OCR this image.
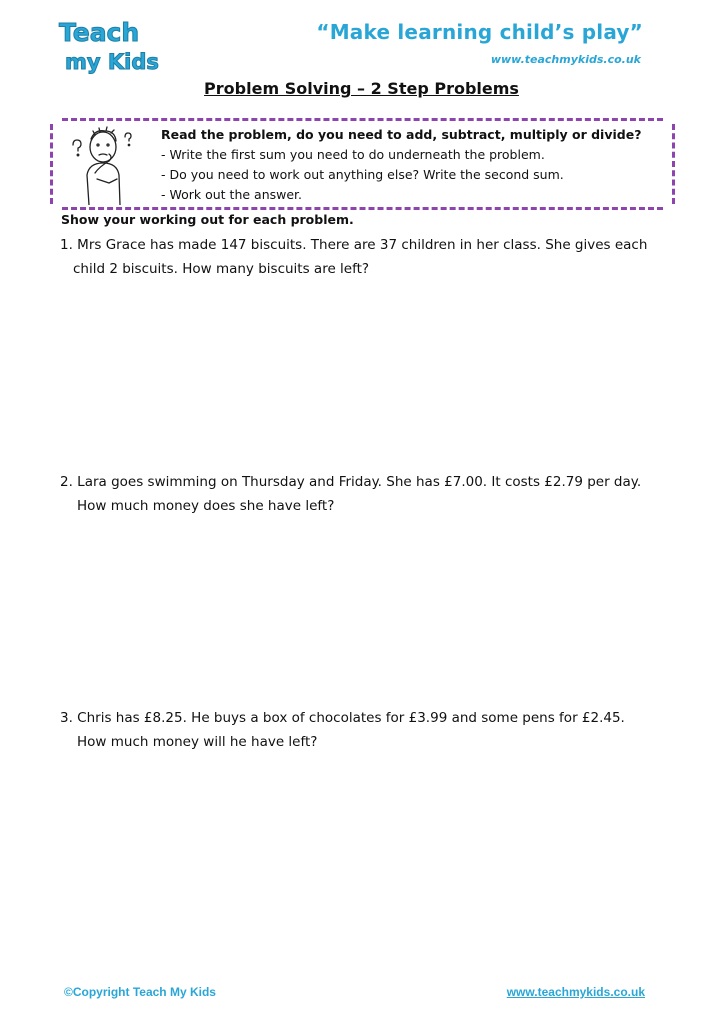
Teach
my Kids
“Make learning child’s play”
www.teachmykids.co.uk
Problem Solving – 2 Step Problems
Read the problem, do you need to add, subtract, multiply or divide?
- Write the first sum you need to do underneath the problem.
- Do you need to work out anything else? Write the second sum.
- Work out the answer.
Show your working out for each problem.
1. Mrs Grace has made 147 biscuits. There are 37 children in her class. She gives each
child 2 biscuits. How many biscuits are left?
2. Lara goes swimming on Thursday and Friday. She has £7.00. It costs £2.79 per day.
How much money does she have left?
3. Chris has £8.25. He buys a box of chocolates for £3.99 and some pens for £2.45.
How much money will he have left?
©Copyright Teach My Kids	www.teachmykids.co.uk
